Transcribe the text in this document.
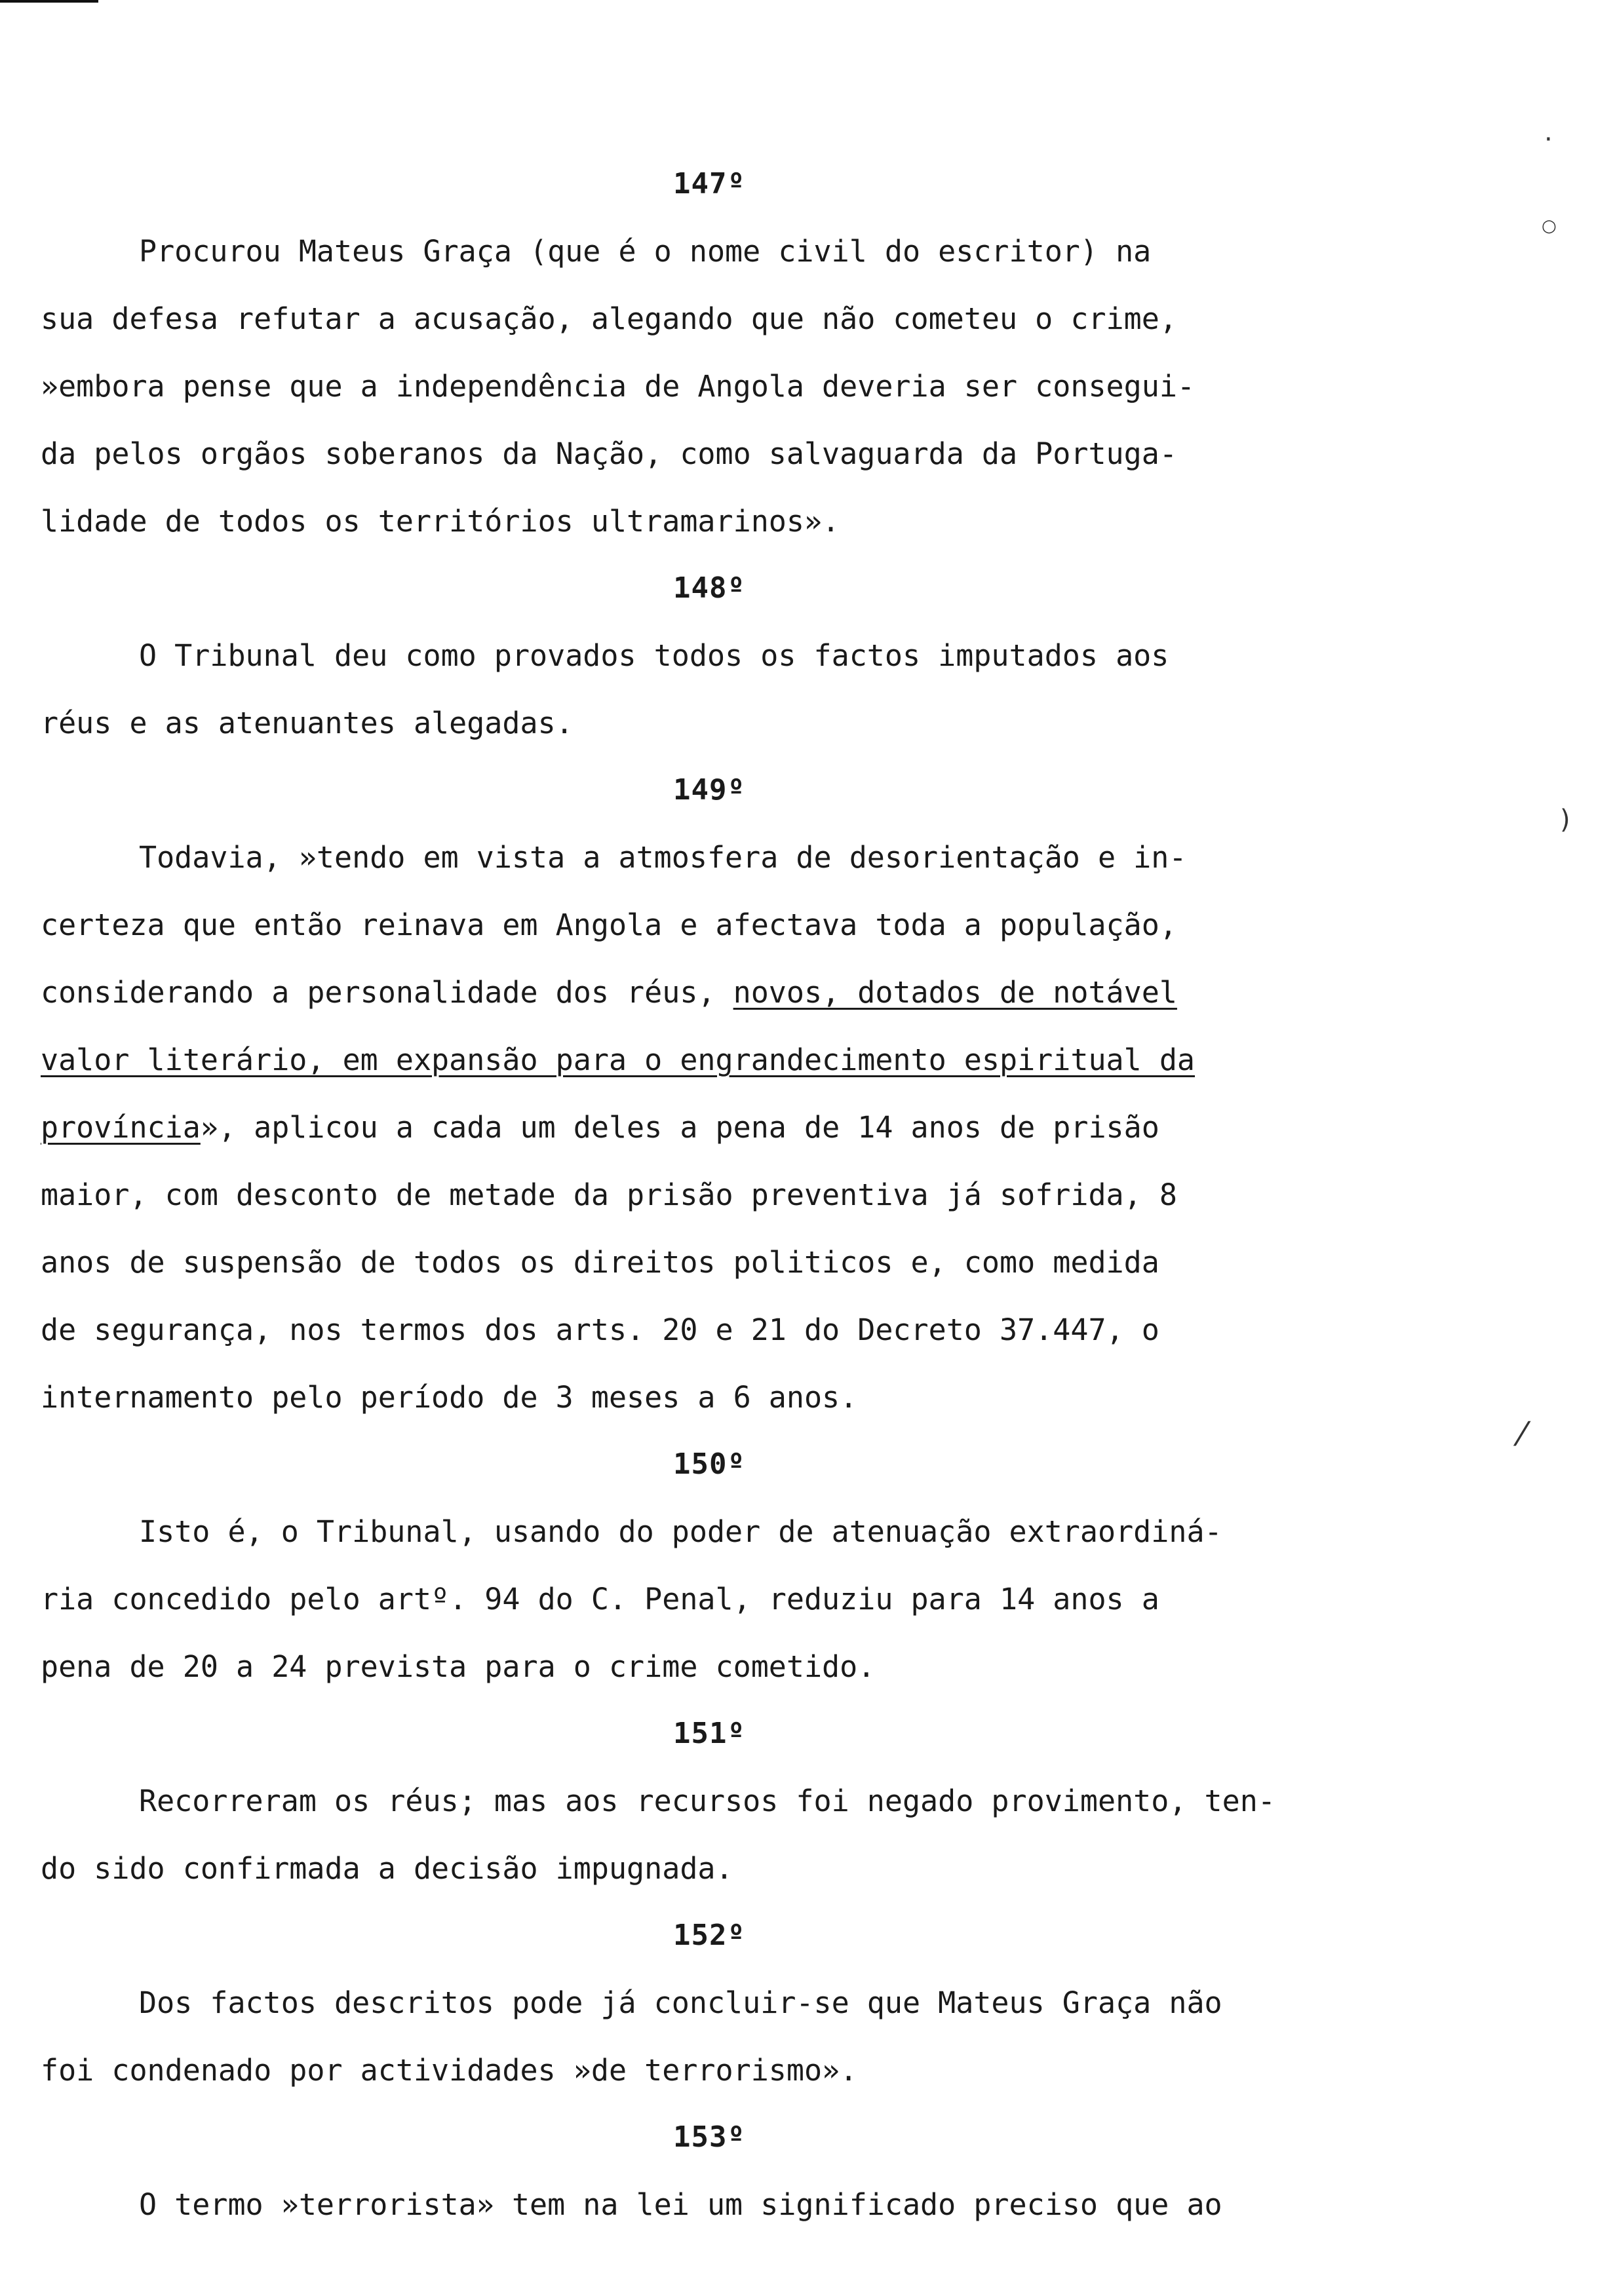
·
○
)
⁄
147º
Procurou Mateus Graça (que é o nome civil do escritor) na
sua defesa refutar a acusação, alegando que não cometeu o crime,
»embora pense que a independência de Angola deveria ser consegui-
da pelos orgãos soberanos da Nação, como salvaguarda da Portuga-
lidade de todos os territórios ultramarinos».
148º
O Tribunal deu como provados todos os factos imputados aos
réus e as atenuantes alegadas.
149º
Todavia, »tendo em vista a atmosfera de desorientação e in-
certeza que então reinava em Angola e afectava toda a população,
considerando a personalidade dos réus, novos, dotados de notável
valor literário, em expansão para o engrandecimento espiritual da
província», aplicou a cada um deles a pena de 14 anos de prisão
maior, com desconto de metade da prisão preventiva já sofrida, 8
anos de suspensão de todos os direitos politicos e, como medida
de segurança, nos termos dos arts. 20 e 21 do Decreto 37.447, o
internamento pelo período de 3 meses a 6 anos.
150º
Isto é, o Tribunal, usando do poder de atenuação extraordiná-
ria concedido pelo artº. 94 do C. Penal, reduziu para 14 anos a
pena de 20 a 24 prevista para o crime cometido.
151º
Recorreram os réus; mas aos recursos foi negado provimento, ten-
do sido confirmada a decisão impugnada.
152º
Dos factos descritos pode já concluir-se que Mateus Graça não
foi condenado por actividades »de terrorismo».
153º
O termo »terrorista» tem na lei um significado preciso que ao
